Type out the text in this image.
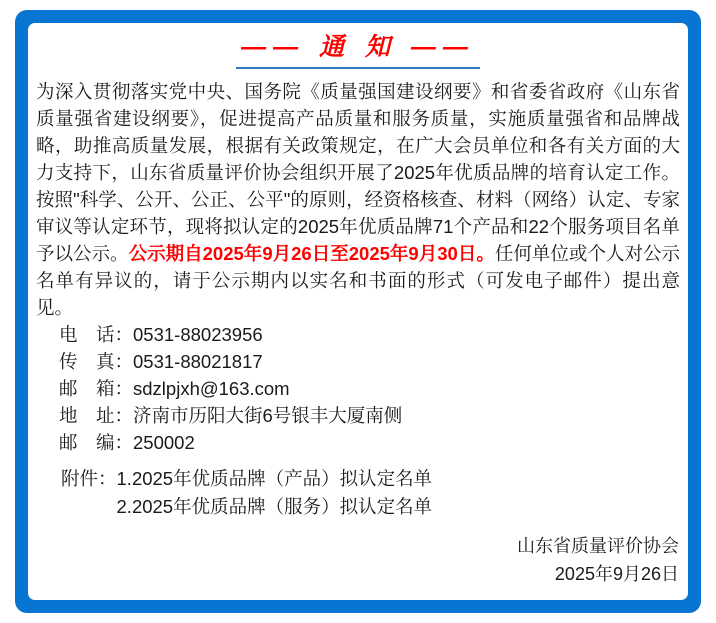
—— 通 知 ——
为深入贯彻落实党中央、国务院《质量强国建设纲要》和省委省政府《山东省质量强省建设纲要》，促进提高产品质量和服务质量，实施质量强省和品牌战略，助推高质量发展，根据有关政策规定，在广大会员单位和各有关方面的大力支持下，山东省质量评价协会组织开展了2025年优质品牌的培育认定工作。按照"科学、公开、公正、公平"的原则，经资格核查、材料（网络）认定、专家审议等认定环节，现将拟认定的2025年优质品牌71个产品和22个服务项目名单予以公示。公示期自2025年9月26日至2025年9月30日。任何单位或个人对公示名单有异议的，请于公示期内以实名和书面的形式（可发电子邮件）提出意见。
电　话：0531-88023956
传　真：0531-88021817
邮　箱：sdzlpjxh@163.com
地　址：济南市历阳大街6号银丰大厦南侧
邮　编：250002
附件： 1.2025年优质品牌（产品）拟认定名单
2.2025年优质品牌（服务）拟认定名单
山东省质量评价协会
2025年9月26日
